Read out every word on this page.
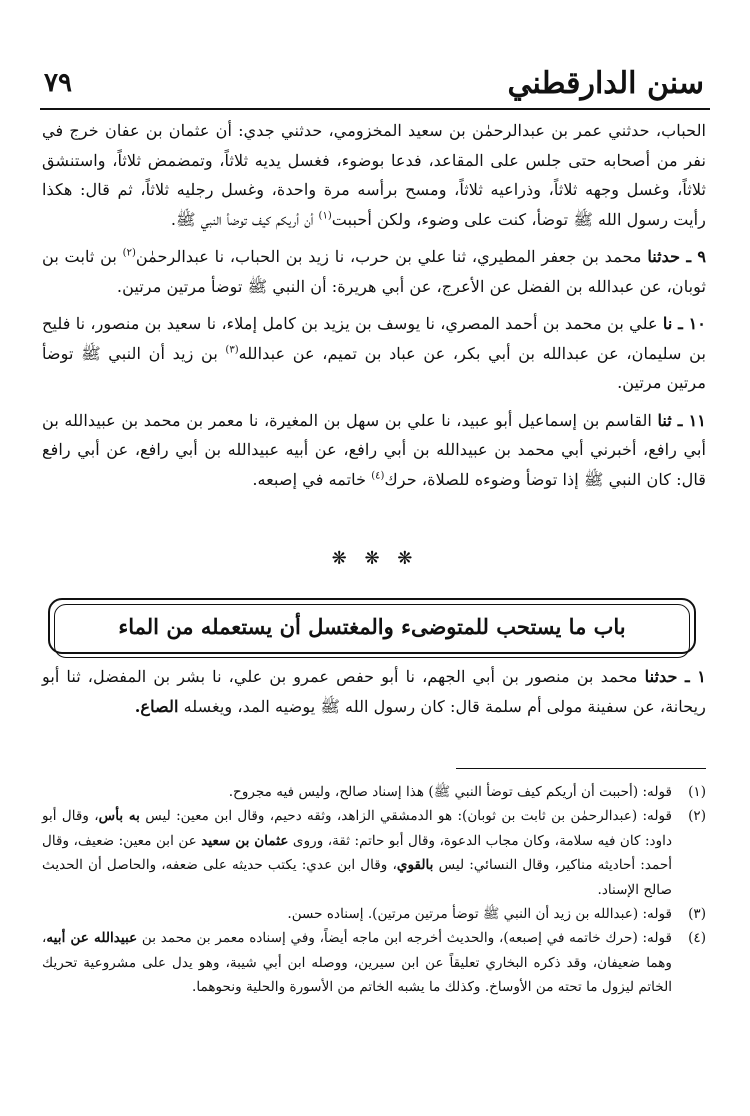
سنن الدارقطني
٧٩

الحباب، حدثني عمر بن عبدالرحمٰن بن سعيد المخزومي، حدثني جدي: أن عثمان بن عفان خرج في نفر من أصحابه حتى جلس على المقاعد، فدعا بوضوء، فغسل يديه ثلاثاً، وتمضمض ثلاثاً، واستنشق ثلاثاً، وغسل وجهه ثلاثاً، وذراعيه ثلاثاً، ومسح برأسه مرة واحدة، وغسل رجليه ثلاثاً، ثم قال: هكذا رأيت رسول الله ﷺ توضأ، كنت على وضوء، ولكن أحببت$^{(١)}$ أن أريكم كيف توضأ النبي ﷺ.

٩ ـ حدثنا محمد بن جعفر المطيري، ثنا علي بن حرب، نا زيد بن الحباب، نا عبدالرحمٰن$^{(٢)}$ بن ثابت بن ثوبان، عن عبدالله بن الفضل عن الأعرج، عن أبي هريرة: أن النبي ﷺ توضأ مرتين مرتين.

١٠ ـ نا علي بن محمد بن أحمد المصري، نا يوسف بن يزيد بن كامل إملاء، نا سعيد بن منصور، نا فليح بن سليمان، عن عبدالله بن أبي بكر، عن عباد بن تميم، عن عبدالله$^{(٣)}$ بن زيد أن النبي ﷺ توضأ مرتين مرتين.

١١ ـ ثنا القاسم بن إسماعيل أبو عبيد، نا علي بن سهل بن المغيرة، نا معمر بن محمد بن عبيدالله بن أبي رافع، أخبرني أبي محمد بن عبيدالله بن أبي رافع، عن أبيه عبيدالله بن أبي رافع، عن أبي رافع قال: كان النبي ﷺ إذا توضأ وضوءه للصلاة، حرك$^{(٤)}$ خاتمه في إصبعه.

❋ ❋ ❋
باب ما يستحب للمتوضىء والمغتسل أن يستعمله من الماء

١ ـ حدثنا محمد بن منصور بن أبي الجهم، نا أبو حفص عمرو بن علي، نا بشر بن المفضل، ثنا أبو ريحانة، عن سفينة مولى أم سلمة قال: كان رسول الله ﷺ يوضيه المد، ويغسله الصاع.

(١)
قوله: (أحببت أن أريكم كيف توضأ النبي ﷺ) هذا إسناد صالح، وليس فيه مجروح.
(٢)
قوله: (عبدالرحمٰن بن ثابت بن ثوبان): هو الدمشقي الزاهد، وثقه دحيم، وقال ابن معين: ليس به بأس، وقال أبو داود: كان فيه سلامة، وكان مجاب الدعوة، وقال أبو حاتم: ثقة، وروى عثمان بن سعيد عن ابن معين: ضعيف، وقال أحمد: أحاديثه مناكير، وقال النسائي: ليس بالقوي، وقال ابن عدي: يكتب حديثه على ضعفه، والحاصل أن الحديث صالح الإسناد.
(٣)
قوله: (عبدالله بن زيد أن النبي ﷺ توضأ مرتين مرتين). إسناده حسن.
(٤)
قوله: (حرك خاتمه في إصبعه)، والحديث أخرجه ابن ماجه أيضاً، وفي إسناده معمر بن محمد بن عبيدالله عن أبيه، وهما ضعيفان، وقد ذكره البخاري تعليقاً عن ابن سيرين، ووصله ابن أبي شيبة، وهو يدل على مشروعية تحريك الخاتم ليزول ما تحته من الأوساخ. وكذلك ما يشبه الخاتم من الأسورة والحلية ونحوهما.
